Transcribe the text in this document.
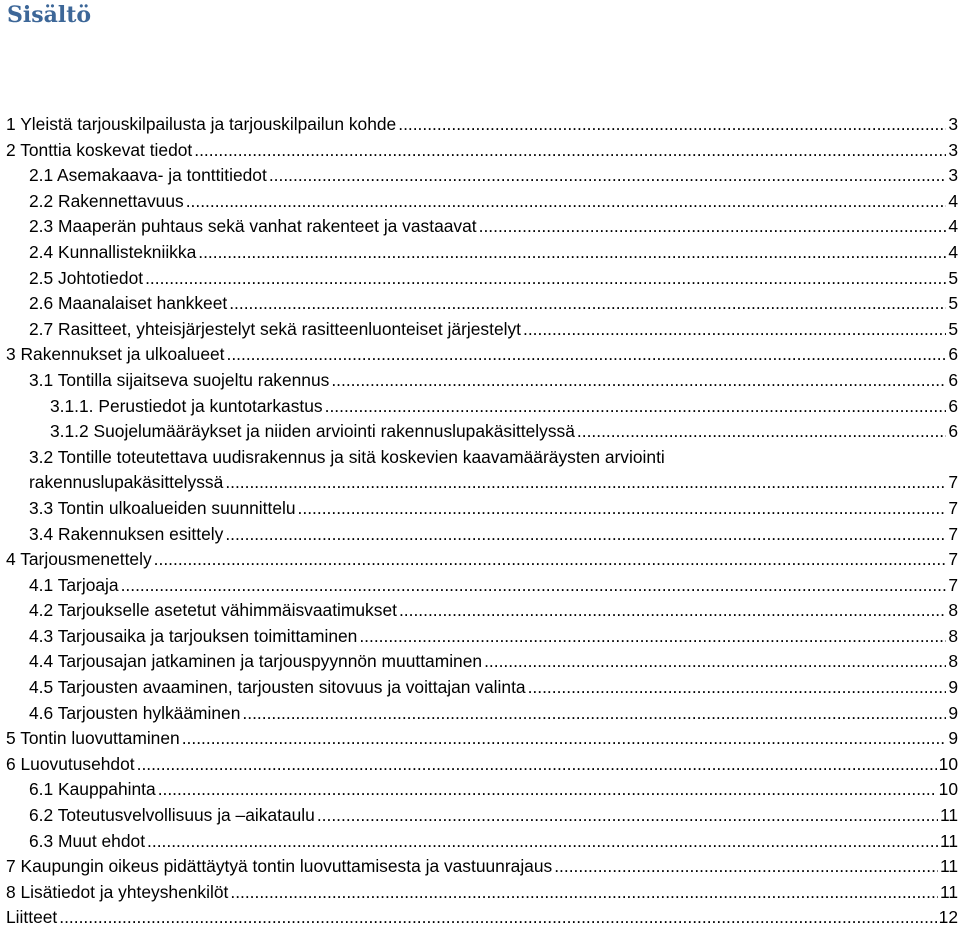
Sisältö
1 Yleistä tarjouskilpailusta ja tarjouskilpailun kohde .....	3
2 Tonttia koskevat tiedot .....	3
2.1 Asemakaava- ja tonttitiedot .....	3
2.2 Rakennettavuus .....	4
2.3 Maaperän puhtaus sekä vanhat rakenteet ja vastaavat .....	4
2.4 Kunnallistekniikka .....	4
2.5 Johtotiedot .....	5
2.6 Maanalaiset hankkeet .....	5
2.7 Rasitteet, yhteisjärjestelyt sekä rasitteenluonteiset järjestelyt .....	5
3 Rakennukset ja ulkoalueet .....	6
3.1 Tontilla sijaitseva suojeltu rakennus .....	6
3.1.1. Perustiedot ja kuntotarkastus .....	6
3.1.2 Suojelumääräykset ja niiden arviointi rakennuslupakäsittelyssä .....	6
3.2 Tontille toteutettava uudisrakennus ja sitä koskevien kaavamääräysten arviointi
rakennuslupakäsittelyssä .....	7
3.3 Tontin ulkoalueiden suunnittelu .....	7
3.4 Rakennuksen esittely .....	7
4 Tarjousmenettely .....	7
4.1 Tarjoaja .....	7
4.2 Tarjoukselle asetetut vähimmäisvaatimukset .....	8
4.3 Tarjousaika ja tarjouksen toimittaminen .....	8
4.4 Tarjousajan jatkaminen ja tarjouspyynnön muuttaminen .....	8
4.5 Tarjousten avaaminen, tarjousten sitovuus ja voittajan valinta .....	9
4.6 Tarjousten hylkääminen .....	9
5 Tontin luovuttaminen .....	9
6 Luovutusehdot .....	10
6.1 Kauppahinta .....	10
6.2 Toteutusvelvollisuus ja –aikataulu .....	11
6.3 Muut ehdot .....	11
7 Kaupungin oikeus pidättäytyä tontin luovuttamisesta ja vastuunrajaus .....	11
8 Lisätiedot ja yhteyshenkilöt .....	11
Liitteet .....	12
